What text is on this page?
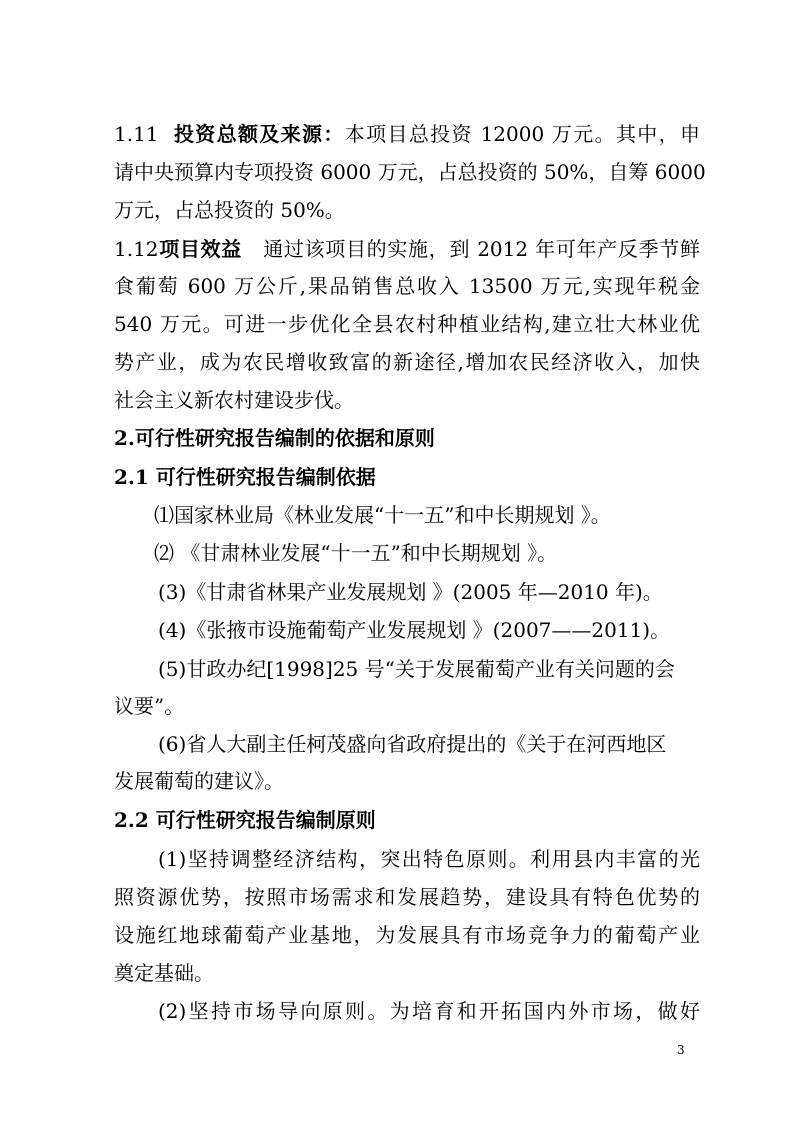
1.11 投资总额及来源：本项目总投资 12000 万元。其中，申
请中央预算内专项投资 6000 万元，占总投资的 50%，自筹 6000
万元，占总投资的 50%。
1.12项目效益 通过该项目的实施，到 2012 年可年产反季节鲜
食葡萄 600 万公斤,果品销售总收入 13500 万元,实现年税金
540 万元。可进一步优化全县农村种植业结构,建立壮大林业优
势产业，成为农民增收致富的新途径,增加农民经济收入，加快
社会主义新农村建设步伐。
2.可行性研究报告编制的依据和原则
2.1 可行性研究报告编制依据
⑴国家林业局《林业发展“十一五”和中长期规划 》。
⑵ 《甘肃林业发展“十一五”和中长期规划 》。
(3)《甘肃省林果产业发展规划 》(2005 年—2010 年)。
(4)《张掖市设施葡萄产业发展规划 》(2007——2011)。
(5)甘政办纪[1998]25 号“关于发展葡萄产业有关问题的会
议要”。
(6)省人大副主任柯茂盛向省政府提出的《关于在河西地区
发展葡萄的建议》。
2.2 可行性研究报告编制原则
(1)坚持调整经济结构，突出特色原则。利用县内丰富的光
照资源优势，按照市场需求和发展趋势，建设具有特色优势的
设施红地球葡萄产业基地，为发展具有市场竞争力的葡萄产业
奠定基础。
(2)坚持市场导向原则。为培育和开拓国内外市场，做好
3
